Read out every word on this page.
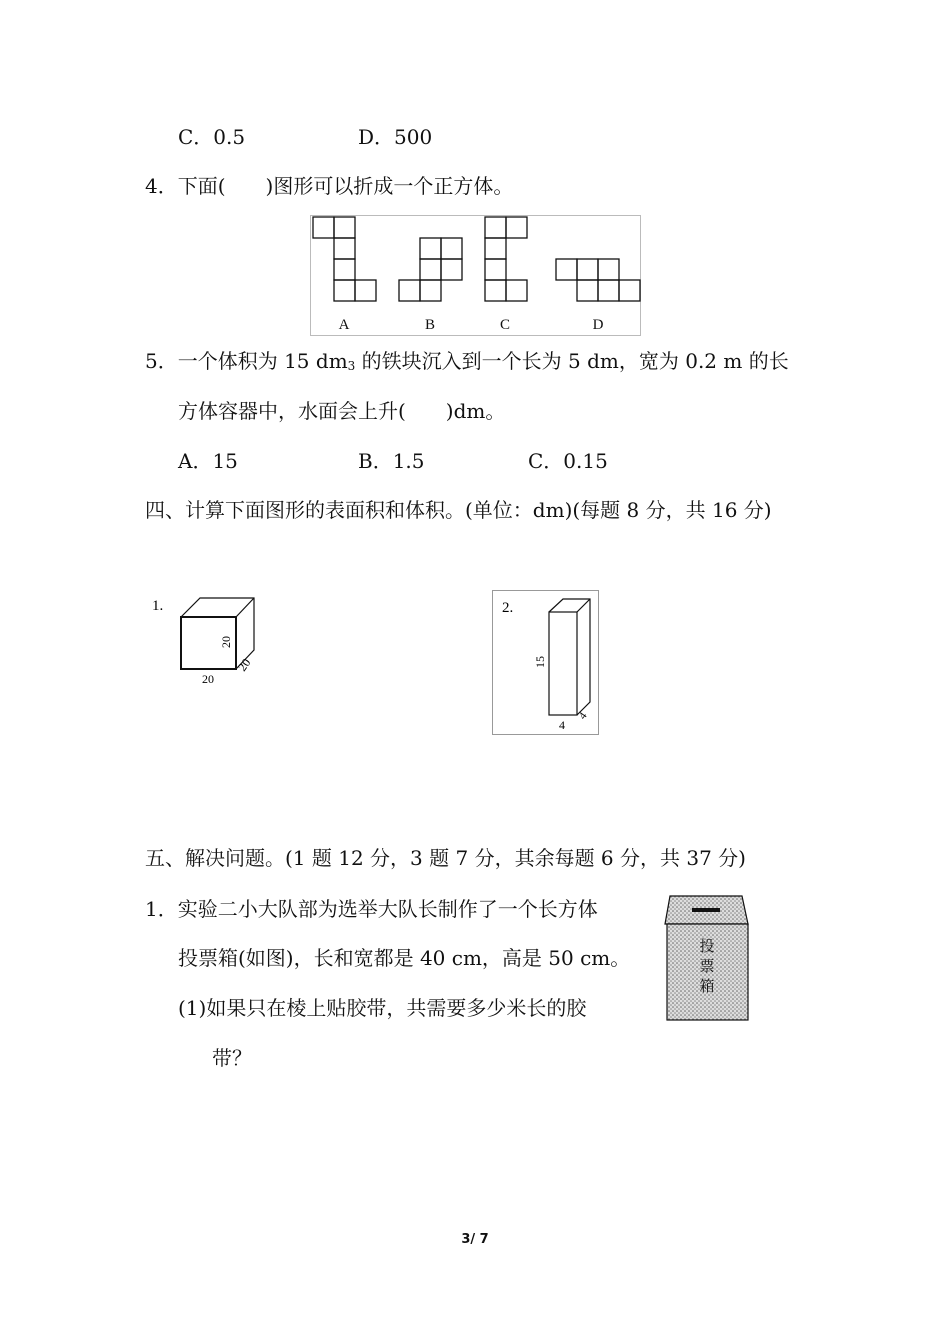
C．0.5	D．500
4．下面(　　)图形可以折成一个正方体。
A	B	C	D
5．一个体积为 15 dm3 的铁块沉入到一个长为 5 dm，宽为 0.2 m 的长
方体容器中，水面会上升(　　)dm。
A．15	B．1.5	C．0.15
四、计算下面图形的表面积和体积。(单位：dm)(每题 8 分，共 16 分)
1.
20
20
20
2.
15
4
4
五、解决问题。(1 题 12 分，3 题 7 分，其余每题 6 分，共 37 分)
1．实验二小大队部为选举大队长制作了一个长方体
投票箱(如图)，长和宽都是 40 cm，高是 50 cm。
(1)如果只在棱上贴胶带，共需要多少米长的胶
带？
投
票
箱
3/ 7
